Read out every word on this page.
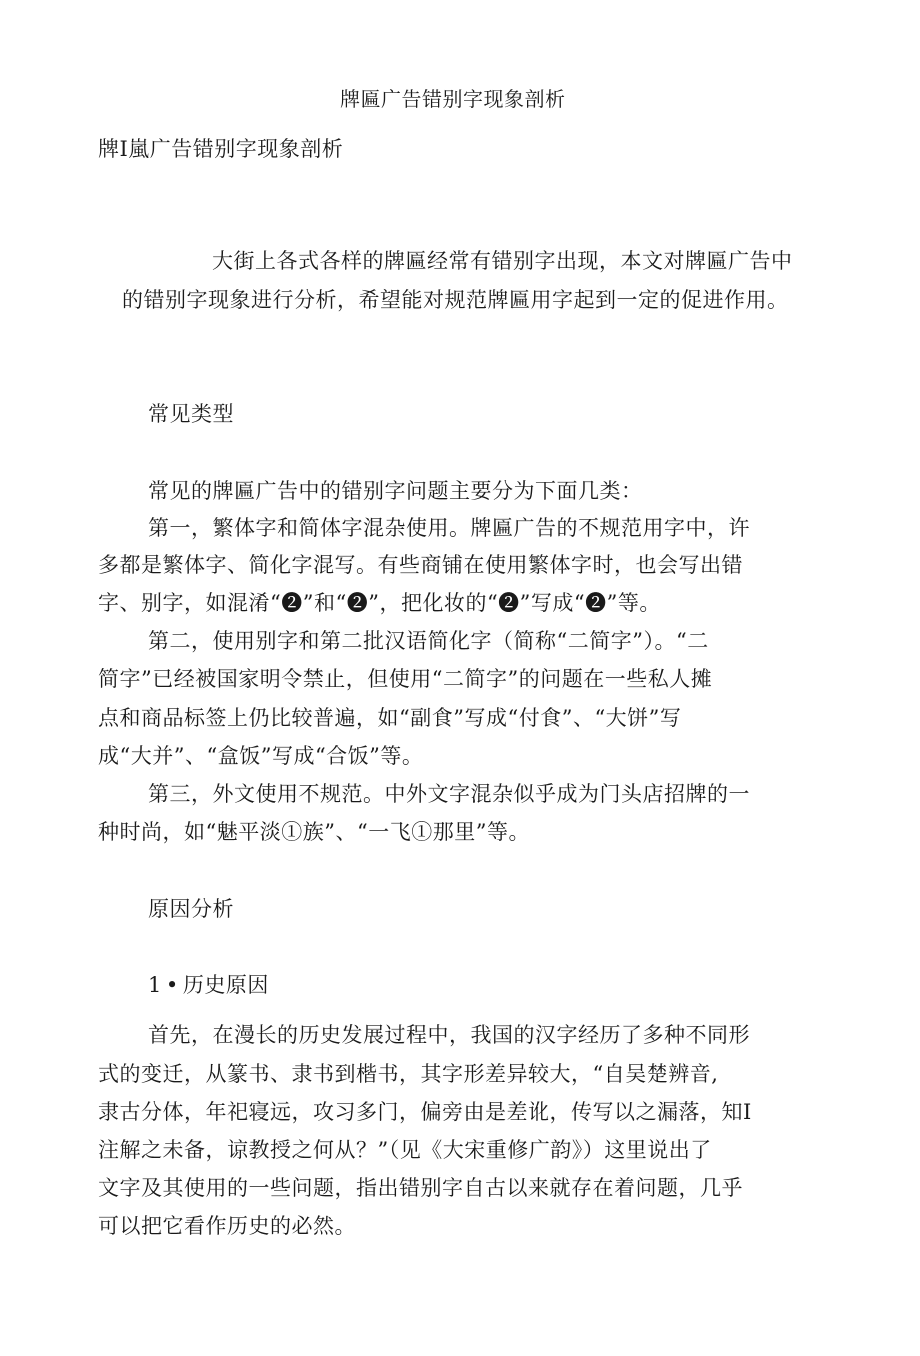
牌匾广告错别字现象剖析
牌I嵐广告错别字现象剖析
大街上各式各样的牌匾经常有错别字出现，本文对牌匾广告中
的错别字现象进行分析，希望能对规范牌匾用字起到一定的促进作用。
常见类型
常见的牌匾广告中的错别字问题主要分为下面几类：
第一，繁体字和简体字混杂使用。牌匾广告的不规范用字中，许
多都是繁体字、简化字混写。有些商铺在使用繁体字时，也会写出错
字、别字，如混淆“❷”和“❷”，把化妆的“❷”写成“❷”等。
第二，使用别字和第二批汉语简化字（简称“二简字”）。“二
简字”已经被国家明令禁止，但使用“二简字”的问题在一些私人摊
点和商品标签上仍比较普遍，如“副食”写成“付食”、“大饼”写
成“大并”、“盒饭”写成“合饭”等。
第三，外文使用不规范。中外文字混杂似乎成为门头店招牌的一
种时尚，如“魅平淡①族”、“一飞①那里”等。
原因分析
1 • 历史原因
首先，在漫长的历史发展过程中，我国的汉字经历了多种不同形
式的变迁，从篆书、隶书到楷书，其字形差异较大，“自吴楚辨音,
隶古分体，年祀寝远，攻习多门，偏旁由是差讹，传写以之漏落，知I
注解之未备，谅教授之何从？”（见《大宋重修广韵》）这里说出了
文字及其使用的一些问题，指出错别字自古以来就存在着问题，几乎
可以把它看作历史的必然。
